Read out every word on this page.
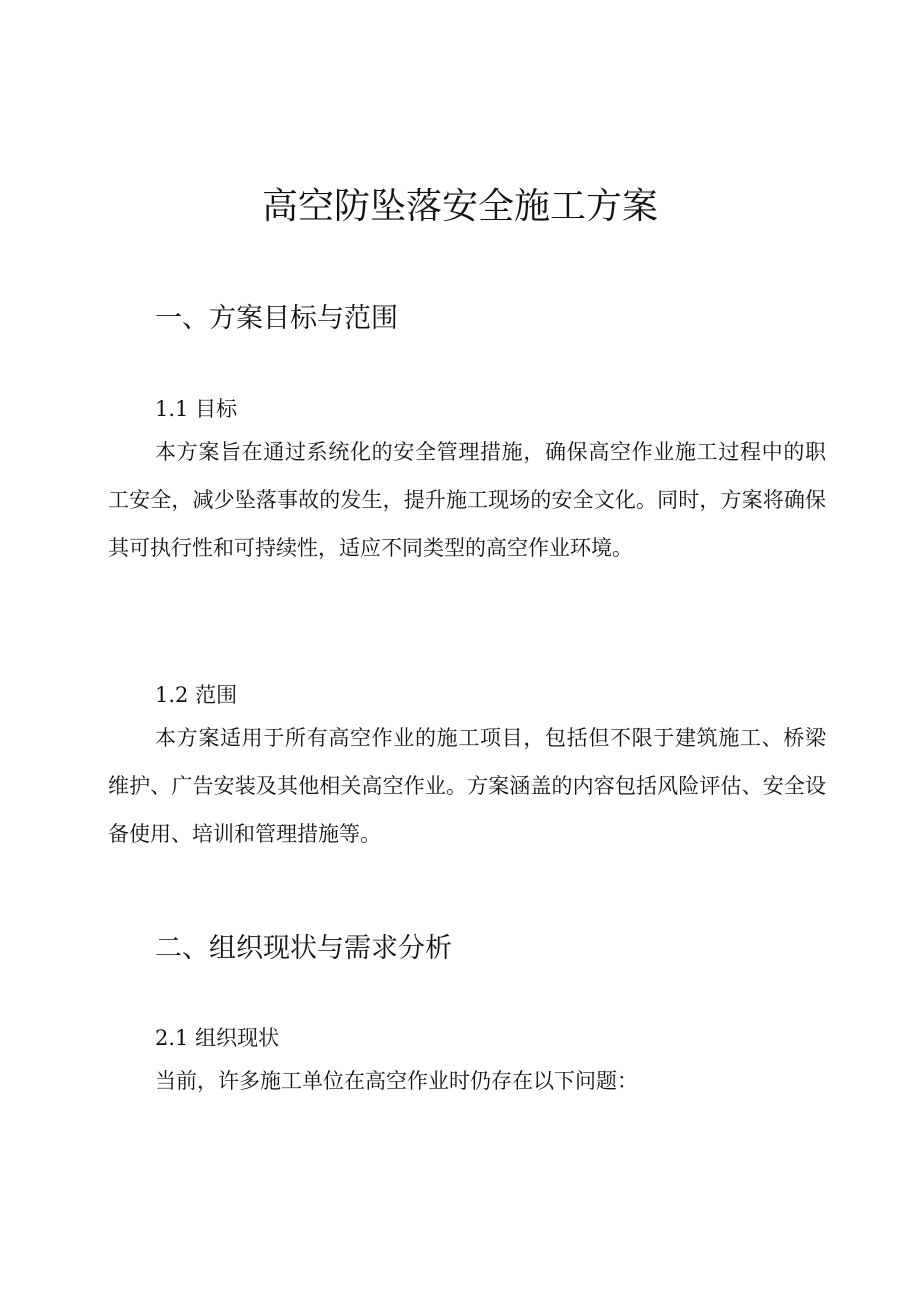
高空防坠落安全施工方案
一、方案目标与范围
1.1 目标

本方案旨在通过系统化的安全管理措施，确保高空作业施工过程中的职工安全，减少坠落事故的发生，提升施工现场的安全文化。同时，方案将确保其可执行性和可持续性，适应不同类型的高空作业环境。

1.2 范围

本方案适用于所有高空作业的施工项目，包括但不限于建筑施工、桥梁维护、广告安装及其他相关高空作业。方案涵盖的内容包括风险评估、安全设备使用、培训和管理措施等。

二、组织现状与需求分析
2.1 组织现状

当前，许多施工单位在高空作业时仍存在以下问题：
